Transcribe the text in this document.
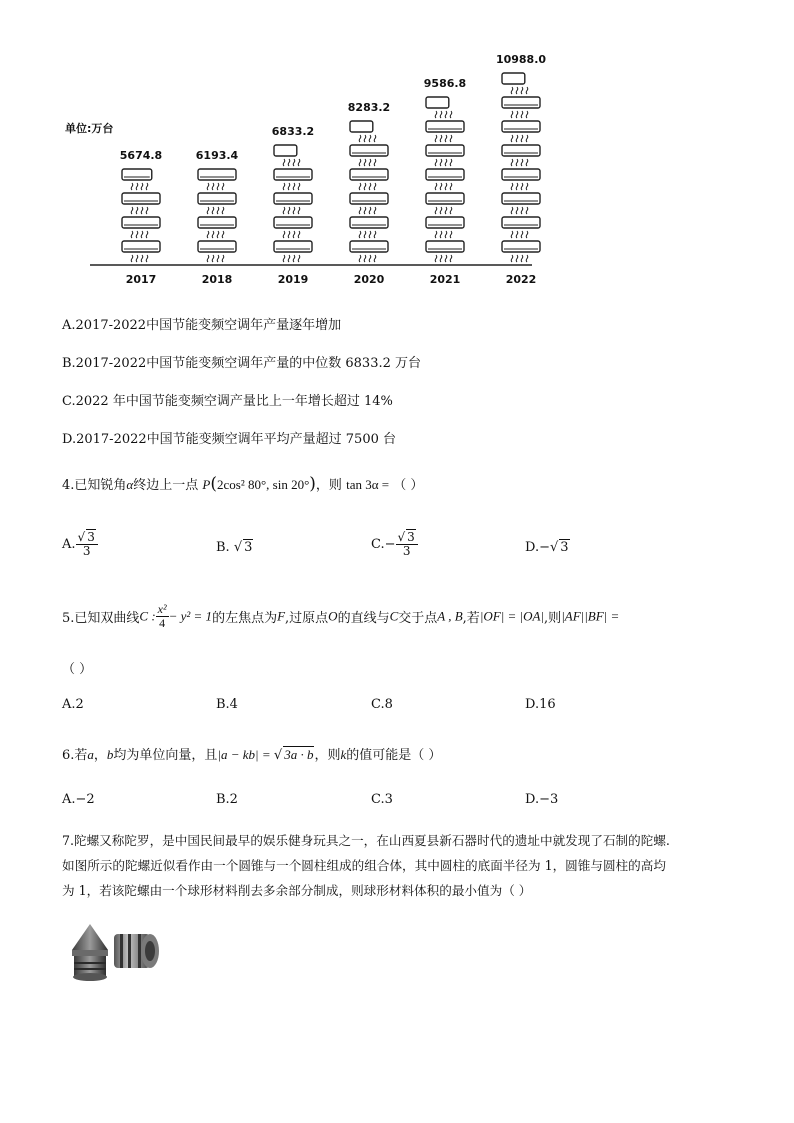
单位:万台
5674.8
2017
6193.4
2018
6833.2
2019
8283.2
2020
9586.8
2021
10988.0
2022
A.2017-2022中国节能变频空调年产量逐年增加
B.2017-2022中国节能变频空调年产量的中位数 6833.2 万台
C.2022 年中国节能变频空调产量比上一年增长超过 14%
D.2017-2022中国节能变频空调年平均产量超过 7500 台
4.已知锐角α终边上一点 P(2cos² 80°, sin 20°)，则 tan 3α = （ ）
A. $\frac{√ 3}{3}$	B. √ 3	$C.- \frac{√ 3}{3}$	D.−√ 3
5.已知双曲线C : $\frac{\text{x²}}{4} - y^2 = 1$的左焦点为F,过原点O的直线与C交于点A , B,若|OF| = |OA|,则|AF||BF| =
（ ）
A.2	B.4	C.8	D.16
6.若a，b均为单位向量，且|a − kb| = √ 3a · b，则k的值可能是（ ）
A.−2	B.2	C.3	D.−3
7.陀螺又称陀罗，是中国民间最早的娱乐健身玩具之一，在山西夏县新石器时代的遗址中就发现了石制的陀螺.
如图所示的陀螺近似看作由一个圆锥与一个圆柱组成的组合体，其中圆柱的底面半径为 1，圆锥与圆柱的高均
为 1，若该陀螺由一个球形材料削去多余部分制成，则球形材料体积的最小值为（ ）
